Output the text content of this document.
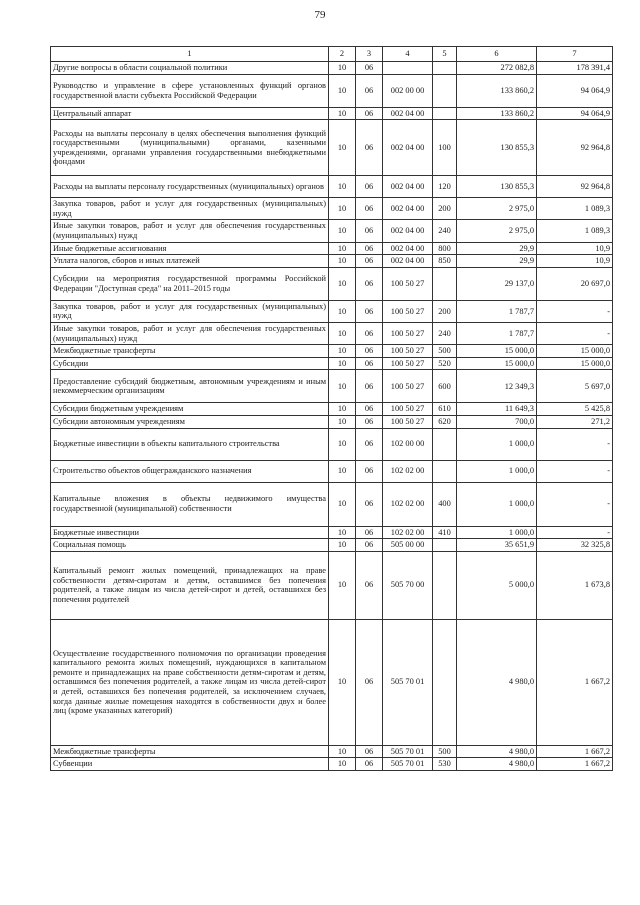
79
1	2	3	4	5	6	7
Другие вопросы в области социальной политики	10	06			272 082,8	178 391,4
Руководство и управление в сфере установленных функций органов государственной власти субъекта Российской Федерации	10	06	002 00 00		133 860,2	94 064,9
Центральный аппарат	10	06	002 04 00		133 860,2	94 064,9
Расходы на выплаты персоналу в целях обеспечения выполнения функций государственными (муниципальными) органами, казенными учреждениями, органами управления государственными внебюджетными фондами	10	06	002 04 00	100	130 855,3	92 964,8
Расходы на выплаты персоналу государственных (муниципальных) органов	10	06	002 04 00	120	130 855,3	92 964,8
Закупка товаров, работ и услуг для государственных (муниципальных) нужд	10	06	002 04 00	200	2 975,0	1 089,3
Иные закупки товаров, работ и услуг для обеспечения государственных (муниципальных) нужд	10	06	002 04 00	240	2 975,0	1 089,3
Иные бюджетные ассигнования	10	06	002 04 00	800	29,9	10,9
Уплата налогов, сборов и иных платежей	10	06	002 04 00	850	29,9	10,9
Субсидии на мероприятия государственной программы Российской Федерации "Доступная среда" на 2011–2015 годы	10	06	100 50 27		29 137,0	20 697,0
Закупка товаров, работ и услуг для государственных (муниципальных) нужд	10	06	100 50 27	200	1 787,7	-
Иные закупки товаров, работ и услуг для обеспечения государственных (муниципальных) нужд	10	06	100 50 27	240	1 787,7	-
Межбюджетные трансферты	10	06	100 50 27	500	15 000,0	15 000,0
Субсидии	10	06	100 50 27	520	15 000,0	15 000,0
Предоставление субсидий бюджетным, автономным учреждениям и иным некоммерческим организациям	10	06	100 50 27	600	12 349,3	5 697,0
Субсидии бюджетным учреждениям	10	06	100 50 27	610	11 649,3	5 425,8
Субсидии автономным учреждениям	10	06	100 50 27	620	700,0	271,2
Бюджетные инвестиции в объекты капитального строительства	10	06	102 00 00		1 000,0	-
Строительство объектов общегражданского назначения	10	06	102 02 00		1 000,0	-
Капитальные вложения в объекты недвижимого имущества государственной (муниципальной) собственности	10	06	102 02 00	400	1 000,0	-
Бюджетные инвестиции	10	06	102 02 00	410	1 000,0	-
Социальная помощь	10	06	505 00 00		35 651,9	32 325,8
Капитальный ремонт жилых помещений, принадлежащих на праве собственности детям-сиротам и детям, оставшимся без попечения родителей, а также лицам из числа детей-сирот и детей, оставшихся без попечения родителей	10	06	505 70 00		5 000,0	1 673,8
Осуществление государственного полномочия по организации проведения капитального ремонта жилых помещений, нуждающихся в капитальном ремонте и принадлежащих на праве собственности детям-сиротам и детям, оставшимся без попечения родителей, а также лицам из числа детей-сирот и детей, оставшихся без попечения родителей, за исключением случаев, когда данные жилые помещения находятся в собственности двух и более лиц (кроме указанных категорий)	10	06	505 70 01		4 980,0	1 667,2
Межбюджетные трансферты	10	06	505 70 01	500	4 980,0	1 667,2
Субвенции	10	06	505 70 01	530	4 980,0	1 667,2
